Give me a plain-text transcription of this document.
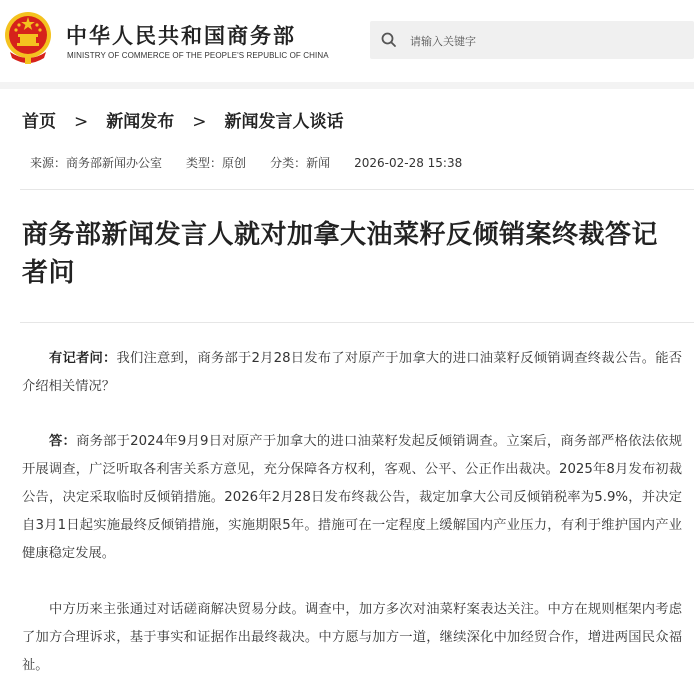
中华人民共和国商务部
MINISTRY OF COMMERCE OF THE PEOPLE'S REPUBLIC OF CHINA
请输入关键字
首页 > 新闻发布 > 新闻发言人谈话
来源：商务部新闻办公室 类型：原创 分类：新闻 2026-02-28 15:38
商务部新闻发言人就对加拿大油菜籽反倾销案终裁答记者问
有记者问：我们注意到，商务部于2月28日发布了对原产于加拿大的进口油菜籽反倾销调查终裁公告。能否介绍相关情况？
答：商务部于2024年9月9日对原产于加拿大的进口油菜籽发起反倾销调查。立案后，商务部严格依法依规开展调查，广泛听取各利害关系方意见，充分保障各方权利，客观、公平、公正作出裁决。2025年8月发布初裁公告，决定采取临时反倾销措施。2026年2月28日发布终裁公告，裁定加拿大公司反倾销税率为5.9%，并决定自3月1日起实施最终反倾销措施，实施期限5年。措施可在一定程度上缓解国内产业压力，有利于维护国内产业健康稳定发展。
中方历来主张通过对话磋商解决贸易分歧。调查中，加方多次对油菜籽案表达关注。中方在规则框架内考虑了加方合理诉求，基于事实和证据作出最终裁决。中方愿与加方一道，继续深化中加经贸合作，增进两国民众福祉。
